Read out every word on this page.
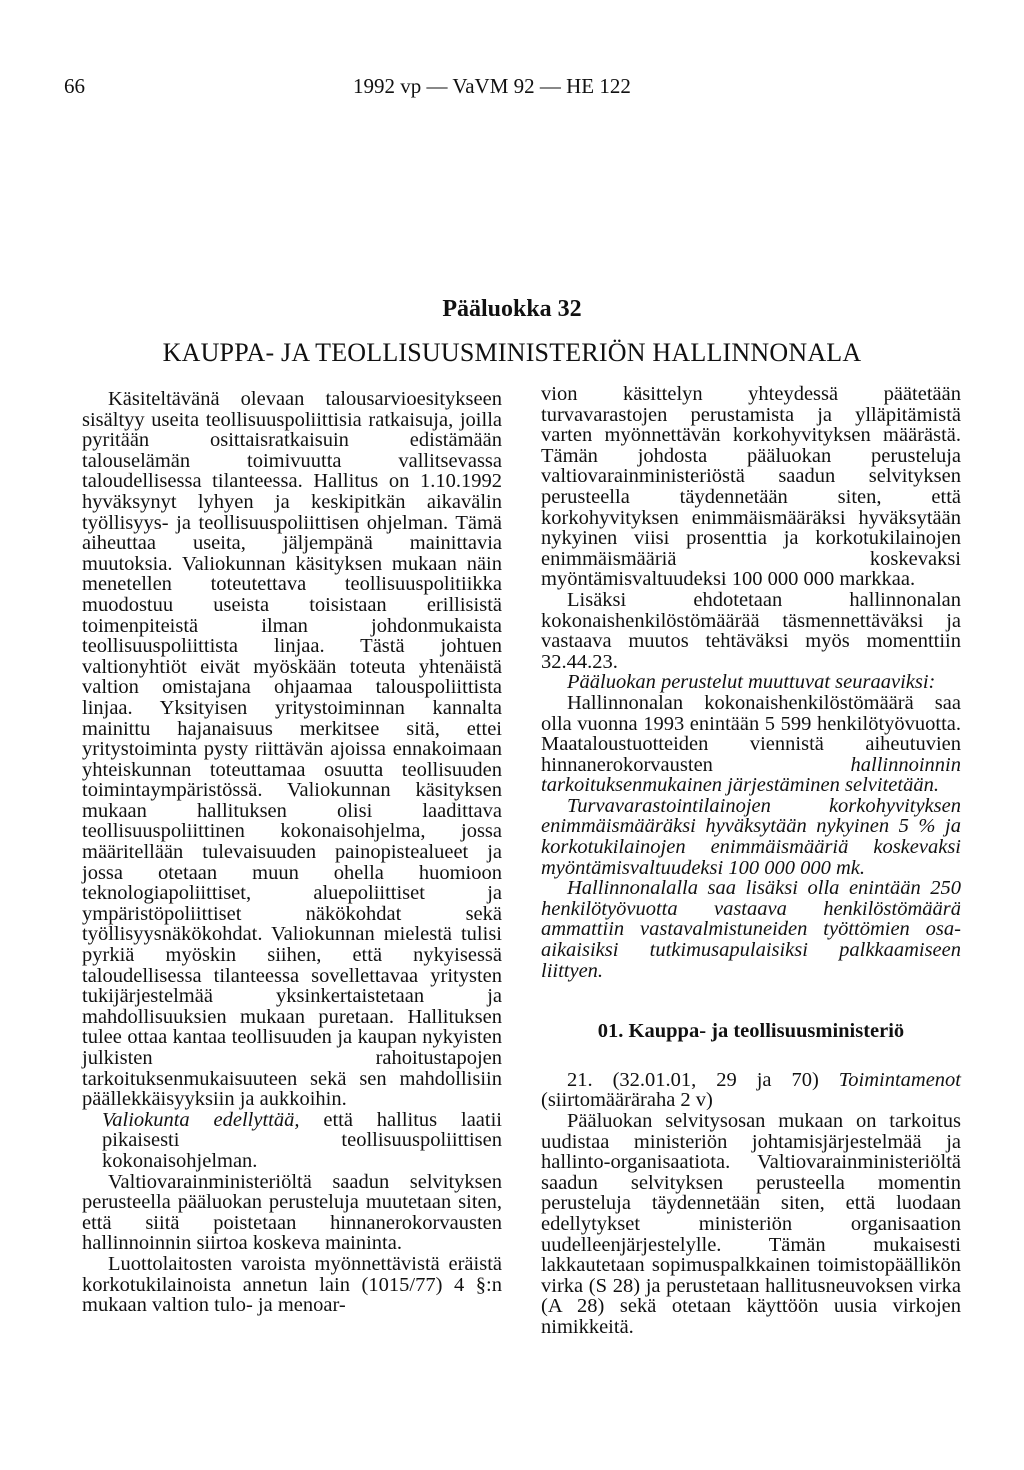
66	1992 vp — VaVM 92 — HE 122
Pääluokka 32
KAUPPA- JA TEOLLISUUSMINISTERIÖN HALLINNONALA

Käsiteltävänä olevaan talousarvioesitykseen sisältyy useita teollisuuspoliittisia ratkaisuja, joilla pyritään osittaisratkaisuin edistämään talouselämän toimivuutta vallitsevassa taloudellisessa tilanteessa. Hallitus on 1.10.1992 hyväksynyt lyhyen ja keskipitkän aikavälin työllisyys- ja teollisuuspoliittisen ohjelman. Tämä aiheuttaa useita, jäljempänä mainittavia muutoksia. Valiokunnan käsityksen mukaan näin menetellen toteutettava teollisuuspolitiikka muodostuu useista toisistaan erillisistä toimenpiteistä ilman johdonmukaista teollisuuspoliittista linjaa. Tästä johtuen valtionyhtiöt eivät myöskään toteuta yhtenäistä valtion omistajana ohjaamaa talouspoliittista linjaa. Yksityisen yritystoiminnan kannalta mainittu hajanaisuus merkitsee sitä, ettei yritystoiminta pysty riittävän ajoissa ennakoimaan yhteiskunnan toteuttamaa osuutta teollisuuden toimintaympäristössä. Valiokunnan käsityksen mukaan hallituksen olisi laadittava teollisuuspoliittinen kokonaisohjelma, jossa määritellään tulevaisuuden painopistealueet ja jossa otetaan muun ohella huomioon teknologiapoliittiset, aluepoliittiset ja ympäristöpoliittiset näkökohdat sekä työllisyysnäkökohdat. Valiokunnan mielestä tulisi pyrkiä myöskin siihen, että nykyisessä taloudellisessa tilanteessa sovellettavaa yritysten tukijärjestelmää yksinkertaistetaan ja mahdollisuuksien mukaan puretaan. Hallituksen tulee ottaa kantaa teollisuuden ja kaupan nykyisten julkisten rahoitustapojen tarkoituksenmukaisuuteen sekä sen mahdollisiin päällekkäisyyksiin ja aukkoihin.

Valiokunta edellyttää, että hallitus laatii pikaisesti teollisuuspoliittisen kokonaisohjelman.

Valtiovarainministeriöltä saadun selvityksen perusteella pääluokan perusteluja muutetaan siten, että siitä poistetaan hinnanerokorvausten hallinnoinnin siirtoa koskeva maininta.

Luottolaitosten varoista myönnettävistä eräistä korkotukilainoista annetun lain (1015/77) 4 §:n mukaan valtion tulo- ja menoar-

vion käsittelyn yhteydessä päätetään turvavarastojen perustamista ja ylläpitämistä varten myönnettävän korkohyvityksen määrästä. Tämän johdosta pääluokan perusteluja valtiovarainministeriöstä saadun selvityksen perusteella täydennetään siten, että korkohyvityksen enimmäismääräksi hyväksytään nykyinen viisi prosenttia ja korkotukilainojen enimmäismääriä koskevaksi myöntämisvaltuudeksi 100 000 000 markkaa.

Lisäksi ehdotetaan hallinnonalan kokonaishenkilöstömäärää täsmennettäväksi ja vastaava muutos tehtäväksi myös momenttiin 32.44.23.

Pääluokan perustelut muuttuvat seuraaviksi:

Hallinnonalan kokonaishenkilöstömäärä saa olla vuonna 1993 enintään 5 599 henkilötyövuotta. Maataloustuotteiden viennistä aiheutuvien hinnanerokorvausten hallinnoinnin tarkoituksenmukainen järjestäminen selvitetään.

Turvavarastointilainojen korkohyvityksen enimmäismääräksi hyväksytään nykyinen 5 % ja korkotukilainojen enimmäismääriä koskevaksi myöntämisvaltuudeksi 100 000 000 mk.

Hallinnonalalla saa lisäksi olla enintään 250 henkilötyövuotta vastaava henkilöstömäärä ammattiin vastavalmistuneiden työttömien osa-aikaisiksi tutkimusapulaisiksi palkkaamiseen liittyen.

01. Kauppa- ja teollisuusministeriö

21. (32.01.01, 29 ja 70) Toimintamenot (siirtomääräraha 2 v)

Pääluokan selvitysosan mukaan on tarkoitus uudistaa ministeriön johtamisjärjestelmää ja hallinto-organisaatiota. Valtiovarainministeriöltä saadun selvityksen perusteella momentin perusteluja täydennetään siten, että luodaan edellytykset ministeriön organisaation uudelleenjärjestelylle. Tämän mukaisesti lakkautetaan sopimuspalkkainen toimistopäällikön virka (S 28) ja perustetaan hallitusneuvoksen virka (A 28) sekä otetaan käyttöön uusia virkojen nimikkeitä.
